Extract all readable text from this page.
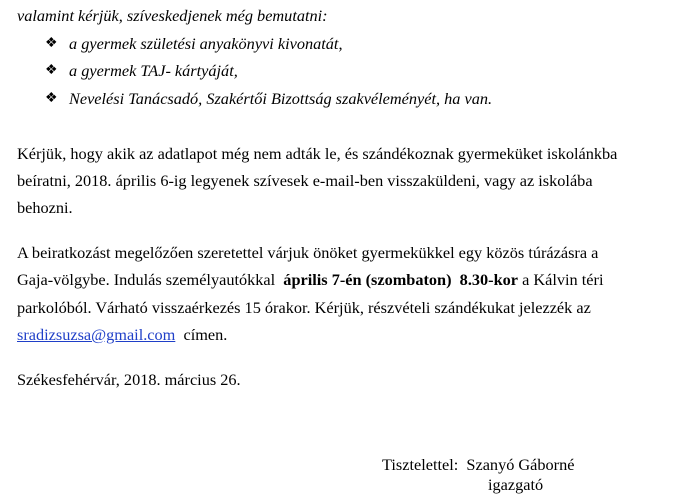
valamint kérjük, szíveskedjenek még bemutatni:
❖ a gyermek születési anyakönyvi kivonatát,
❖ a gyermek TAJ- kártyáját,
❖ Nevelési Tanácsadó, Szakértői Bizottság szakvéleményét, ha van.
Kérjük, hogy akik az adatlapot még nem adták le, és szándékoznak gyermeküket iskolánkba
beíratni, 2018. április 6-ig legyenek szívesek e-mail-ben visszaküldeni, vagy az iskolába
behozni.
A beiratkozást megelőzően szeretettel várjuk önöket gyermekükkel egy közös túrázásra a
Gaja-völgybe. Indulás személyautókkal április 7-én (szombaton) 8.30-kor a Kálvin téri
parkolóból. Várható visszaérkezés 15 órakor. Kérjük, részvételi szándékukat jelezzék az
sradizsuzsa@gmail.com címen.
Székesfehérvár, 2018. március 26.
Tisztelettel: Szanyó Gáborné
igazgató
